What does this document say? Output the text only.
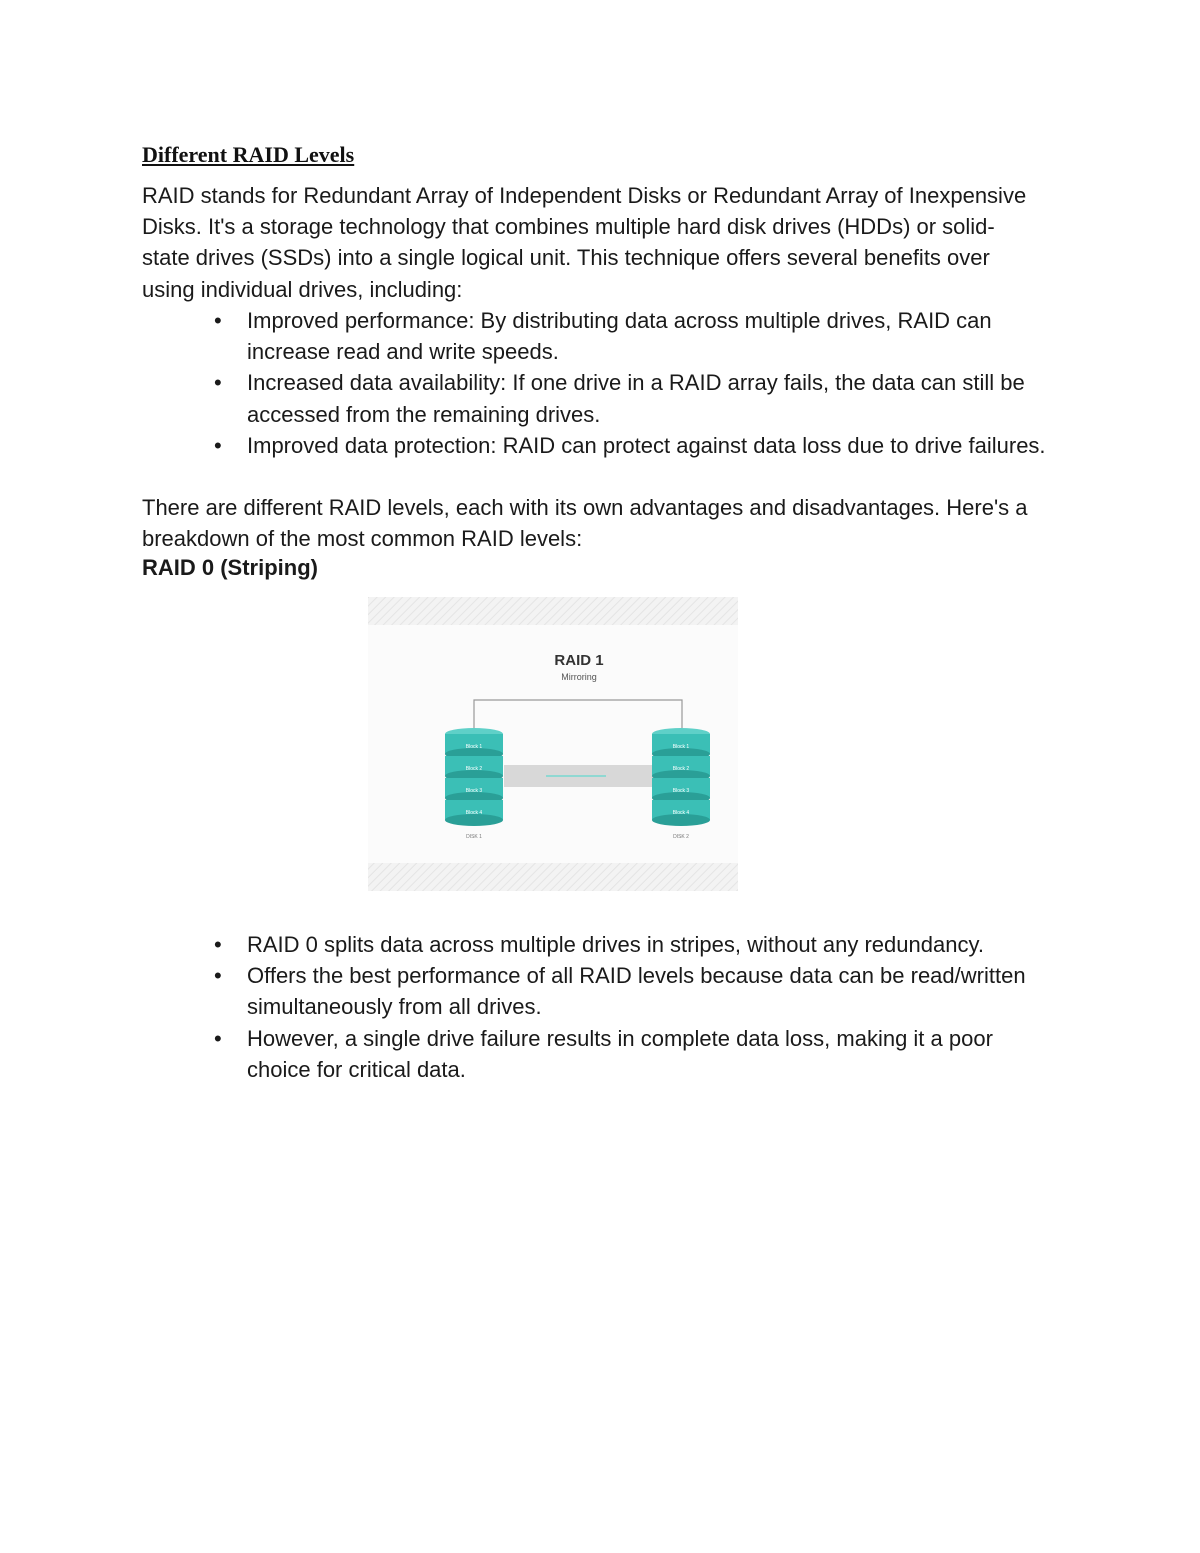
Different RAID Levels

RAID stands for Redundant Array of Independent Disks or Redundant Array of Inexpensive Disks. It's a storage technology that combines multiple hard disk drives (HDDs) or solid-state drives (SSDs) into a single logical unit. This technique offers several benefits over using individual drives, including:

• Improved performance: By distributing data across multiple drives, RAID can increase read and write speeds.
• Increased data availability: If one drive in a RAID array fails, the data can still be accessed from the remaining drives.
• Improved data protection: RAID can protect against data loss due to drive failures.

There are different RAID levels, each with its own advantages and disadvantages. Here's a breakdown of the most common RAID levels:

RAID 0 (Striping)
RAID 1
Mirroring
Block 1
Block 2
Block 3
Block 4
DISK 1
Block 1
Block 2
Block 3
Block 4
DISK 2
• RAID 0 splits data across multiple drives in stripes, without any redundancy.
• Offers the best performance of all RAID levels because data can be read/written simultaneously from all drives.
• However, a single drive failure results in complete data loss, making it a poor choice for critical data.
